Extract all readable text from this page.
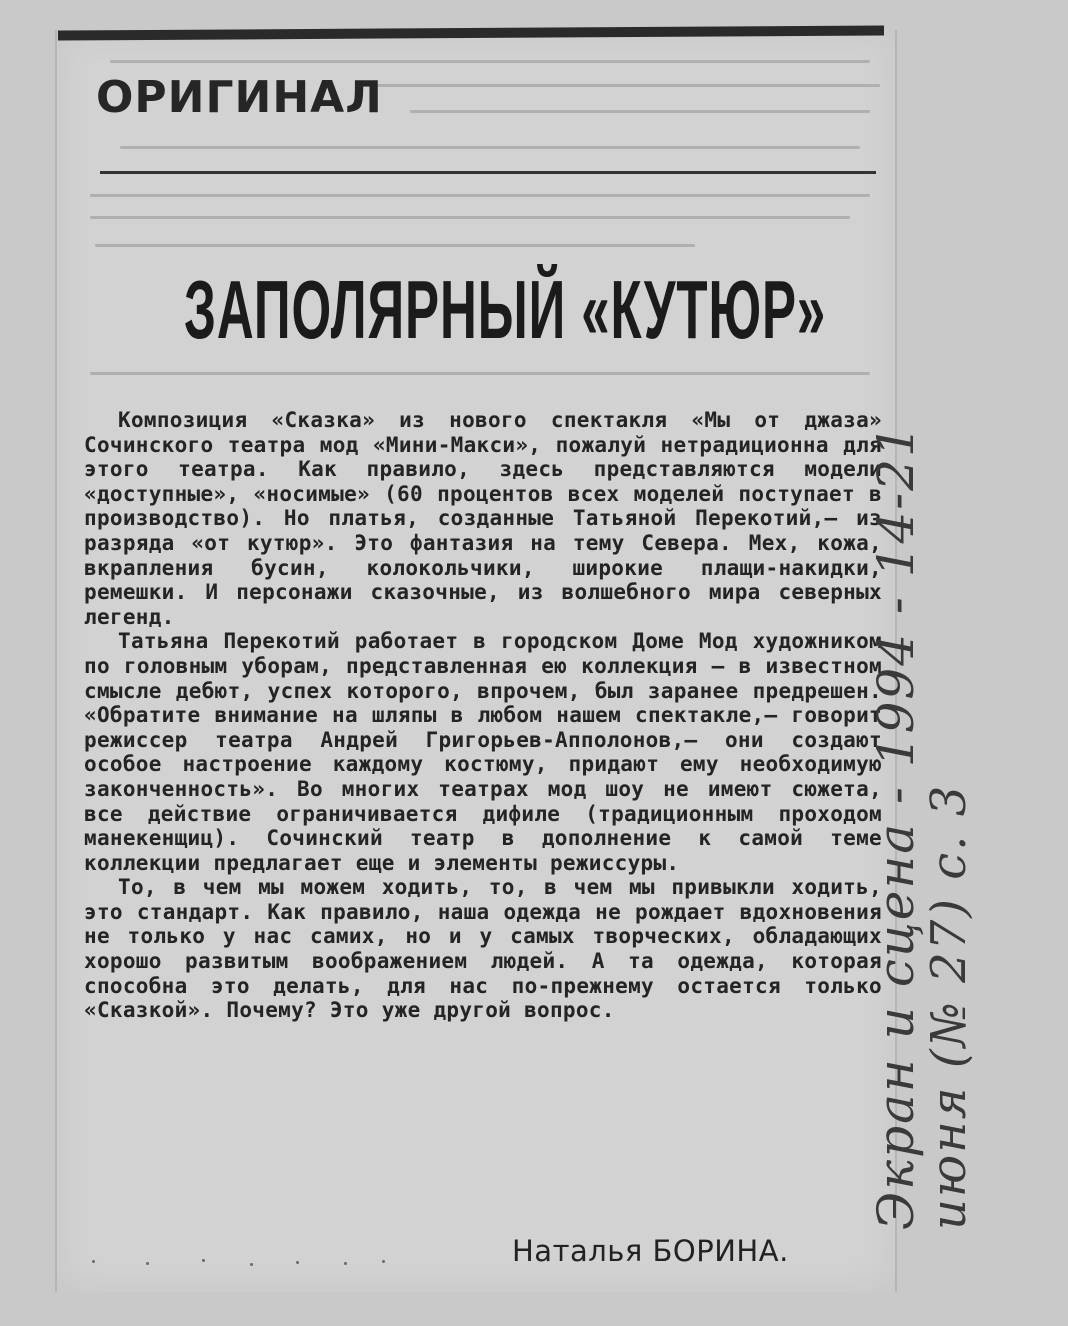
ОРИГИНАЛ
ЗАПОЛЯРНЫЙ «КУТЮР»

Композиция «Сказка» из нового спектакля «Мы от джаза» Сочинского театра мод «Мини-Макси», пожалуй нетрадиционна для этого театра. Как правило, здесь представляются модели «доступные», «носимые» (60 процентов всех моделей поступает в производство). Но платья, созданные Татьяной Перекотий,— из разряда «от кутюр». Это фантазия на тему Севера. Мех, кожа, вкрапления бусин, колокольчики, широкие плащи-накидки, ремешки. И персонажи сказочные, из волшебного мира северных легенд.

Татьяна Перекотий работает в городском Доме Мод художником по головным уборам, представленная ею коллекция — в известном смысле дебют, успех которого, впрочем, был заранее предрешен. «Обратите внимание на шляпы в любом нашем спектакле,— говорит режиссер театра Андрей Григорьев-Апполонов,— они создают особое настроение каждому костюму, придают ему необходимую законченность». Во многих театрах мод шоу не имеют сюжета, все действие ограничивается дифиле (традиционным проходом манекенщиц). Сочинский театр в дополнение к самой теме коллекции предлагает еще и элементы режиссуры.

То, в чем мы можем ходить, то, в чем мы привыкли ходить, это стандарт. Как правило, наша одежда не рождает вдохновения не только у нас самих, но и у самых творческих, обладающих хорошо развитым воображением людей. А та одежда, которая способна это делать, для нас по-прежнему остается только «Сказкой». Почему? Это уже другой вопрос.

Наталья БОРИНА.

Экран и сцена - 1994 - 14-21
июня (№ 27) с. 3
